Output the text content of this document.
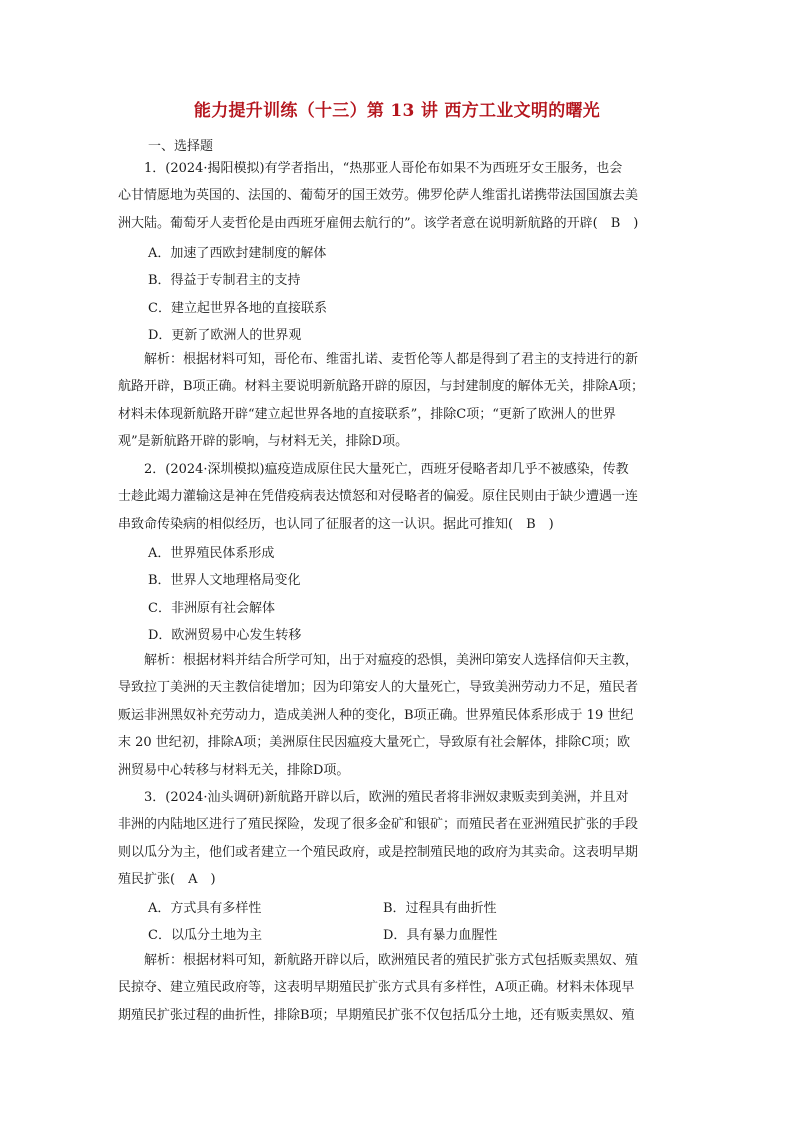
能力提升训练（十三）第 13 讲 西方工业文明的曙光
一、选择题
　　1．(2024·揭阳模拟)有学者指出，“热那亚人哥伦布如果不为西班牙女王服务，也会
心甘情愿地为英国的、法国的、葡萄牙的国王效劳。佛罗伦萨人维雷扎诺携带法国国旗去美
洲大陆。葡萄牙人麦哲伦是由西班牙雇佣去航行的”。该学者意在说明新航路的开辟(　B　)
A．加速了西欧封建制度的解体
B．得益于专制君主的支持
C．建立起世界各地的直接联系
D．更新了欧洲人的世界观
　　解析：根据材料可知，哥伦布、维雷扎诺、麦哲伦等人都是得到了君主的支持进行的新
航路开辟，B项正确。材料主要说明新航路开辟的原因，与封建制度的解体无关，排除A项；
材料未体现新航路开辟“建立起世界各地的直接联系”，排除C项；“更新了欧洲人的世界
观”是新航路开辟的影响，与材料无关，排除D项。
　　2．(2024·深圳模拟)瘟疫造成原住民大量死亡，西班牙侵略者却几乎不被感染，传教
士趁此竭力灌输这是神在凭借疫病表达愤怒和对侵略者的偏爱。原住民则由于缺少遭遇一连
串致命传染病的相似经历，也认同了征服者的这一认识。据此可推知(　B　)
A．世界殖民体系形成
B．世界人文地理格局变化
C．非洲原有社会解体
D．欧洲贸易中心发生转移
　　解析：根据材料并结合所学可知，出于对瘟疫的恐惧，美洲印第安人选择信仰天主教，
导致拉丁美洲的天主教信徒增加；因为印第安人的大量死亡，导致美洲劳动力不足，殖民者
贩运非洲黑奴补充劳动力，造成美洲人种的变化，B项正确。世界殖民体系形成于 19 世纪
末 20 世纪初，排除A项；美洲原住民因瘟疫大量死亡，导致原有社会解体，排除C项；欧
洲贸易中心转移与材料无关，排除D项。
　　3．(2024·汕头调研)新航路开辟以后，欧洲的殖民者将非洲奴隶贩卖到美洲，并且对
非洲的内陆地区进行了殖民探险，发现了很多金矿和银矿；而殖民者在亚洲殖民扩张的手段
则以瓜分为主，他们或者建立一个殖民政府，或是控制殖民地的政府为其卖命。这表明早期
殖民扩张(　A　)
A．方式具有多样性	B．过程具有曲折性
C．以瓜分土地为主	D．具有暴力血腥性
　　解析：根据材料可知，新航路开辟以后，欧洲殖民者的殖民扩张方式包括贩卖黑奴、殖
民掠夺、建立殖民政府等，这表明早期殖民扩张方式具有多样性，A项正确。材料未体现早
期殖民扩张过程的曲折性，排除B项；早期殖民扩张不仅包括瓜分土地，还有贩卖黑奴、殖
